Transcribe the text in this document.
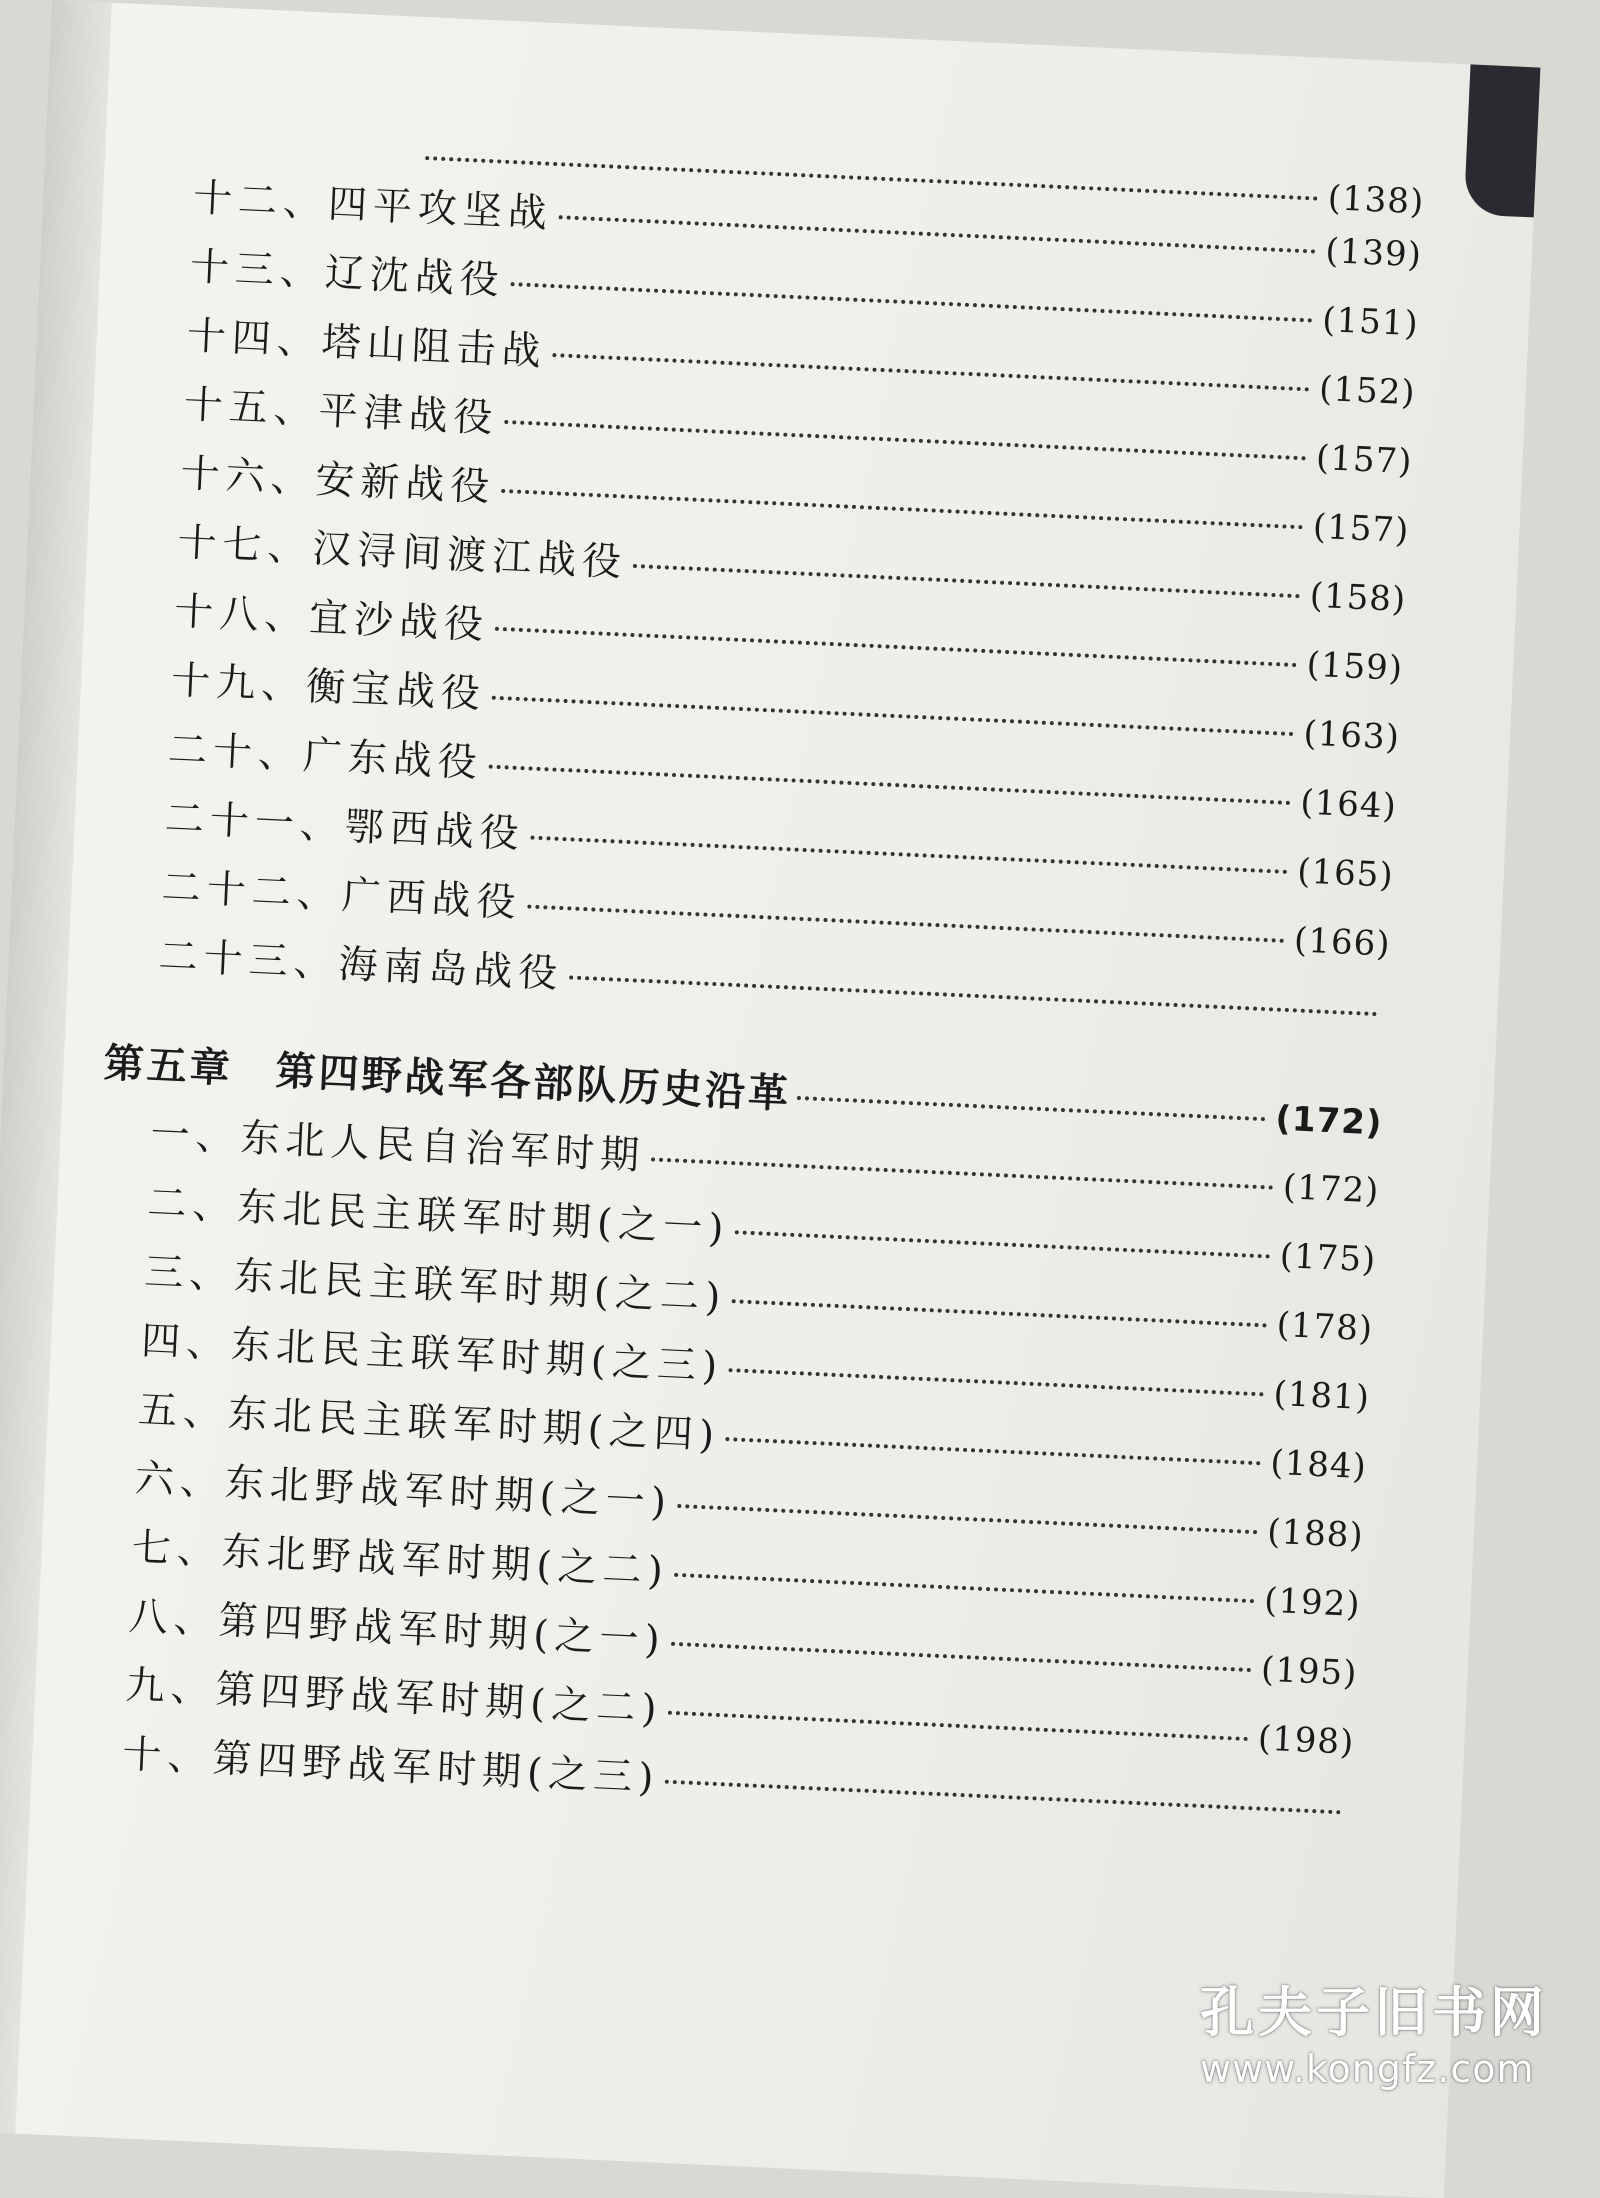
(138)
十二、四平攻坚战
(139)
十三、辽沈战役
(151)
十四、塔山阻击战
(152)
十五、平津战役
(157)
十六、安新战役
(157)
十七、汉浔间渡江战役
(158)
十八、宜沙战役
(159)
十九、衡宝战役
(163)
二十、广东战役
(164)
二十一、鄂西战役
(165)
二十二、广西战役
(166)
二十三、海南岛战役
第五章　第四野战军各部队历史沿革
(172)
一、东北人民自治军时期
(172)
二、东北民主联军时期(之一)
(175)
三、东北民主联军时期(之二)
(178)
四、东北民主联军时期(之三)
(181)
五、东北民主联军时期(之四)
(184)
六、东北野战军时期(之一)
(188)
七、东北野战军时期(之二)
(192)
八、第四野战军时期(之一)
(195)
九、第四野战军时期(之二)
(198)
十、第四野战军时期(之三)
孔夫子旧书网
www.kongfz.com
